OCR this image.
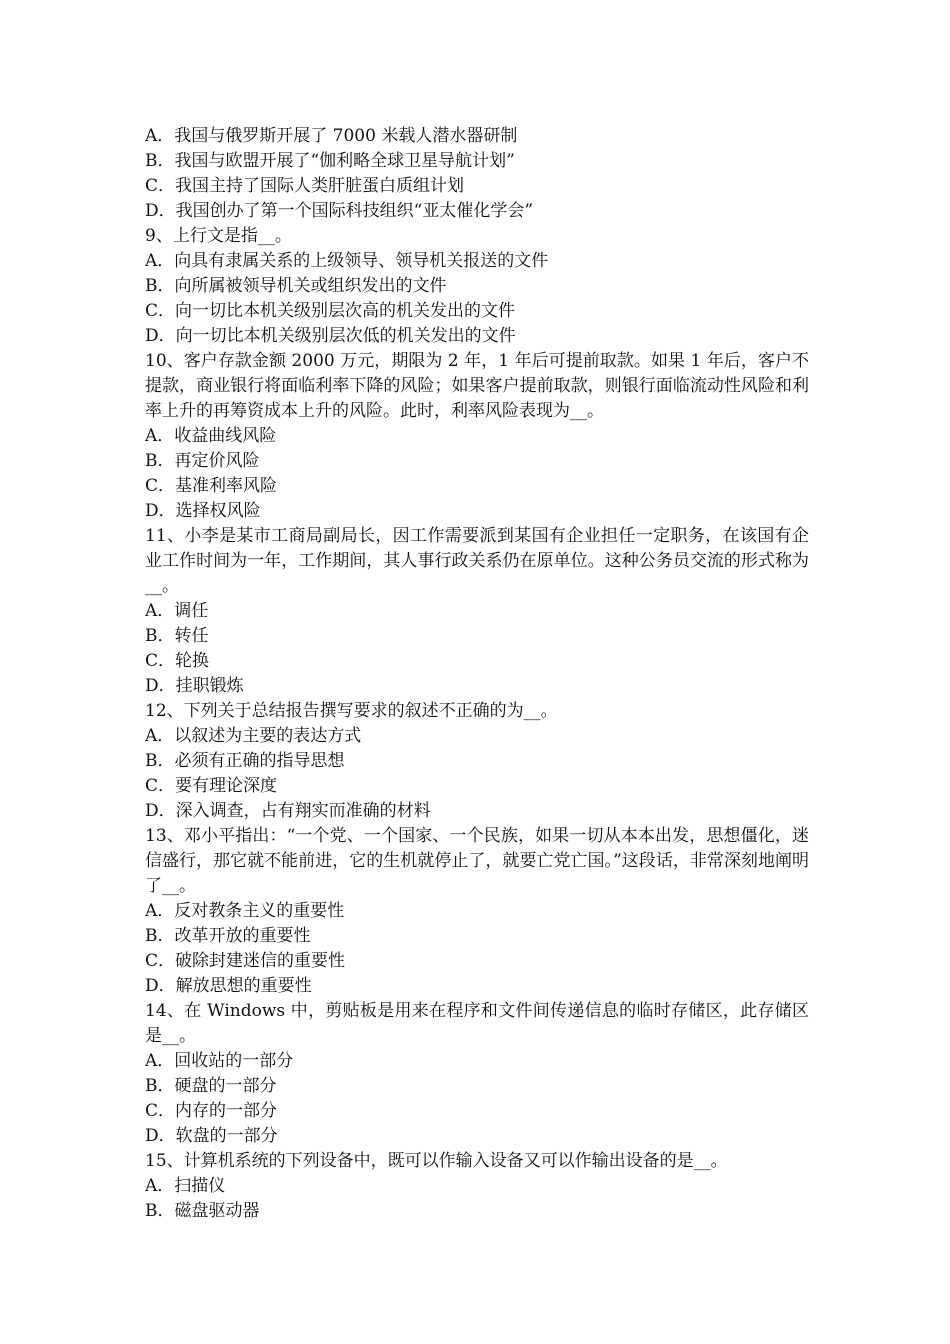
A．我国与俄罗斯开展了 7000 米载人潜水器研制
B．我国与欧盟开展了“伽利略全球卫星导航计划”
C．我国主持了国际人类肝脏蛋白质组计划
D．我国创办了第一个国际科技组织“亚太催化学会”
9、上行文是指__。
A．向具有隶属关系的上级领导、领导机关报送的文件
B．向所属被领导机关或组织发出的文件
C．向一切比本机关级别层次高的机关发出的文件
D．向一切比本机关级别层次低的机关发出的文件
10、客户存款金额 2000 万元，期限为 2 年，1 年后可提前取款。如果 1 年后，客户不提款，商业银行将面临利率下降的风险；如果客户提前取款，则银行面临流动性风险和利率上升的再筹资成本上升的风险。此时，利率风险表现为__。
A．收益曲线风险
B．再定价风险
C．基准利率风险
D．选择权风险
11、小李是某市工商局副局长，因工作需要派到某国有企业担任一定职务，在该国有企业工作时间为一年，工作期间，其人事行政关系仍在原单位。这种公务员交流的形式称为__。
A．调任
B．转任
C．轮换
D．挂职锻炼
12、下列关于总结报告撰写要求的叙述不正确的为__。
A．以叙述为主要的表达方式
B．必须有正确的指导思想
C．要有理论深度
D．深入调查，占有翔实而准确的材料
13、邓小平指出：“一个党、一个国家、一个民族，如果一切从本本出发，思想僵化，迷信盛行，那它就不能前进，它的生机就停止了，就要亡党亡国。”这段话，非常深刻地阐明了__。
A．反对教条主义的重要性
B．改革开放的重要性
C．破除封建迷信的重要性
D．解放思想的重要性
14、在 Windows 中，剪贴板是用来在程序和文件间传递信息的临时存储区，此存储区是__。
A．回收站的一部分
B．硬盘的一部分
C．内存的一部分
D．软盘的一部分
15、计算机系统的下列设备中，既可以作输入设备又可以作输出设备的是__。
A．扫描仪
B．磁盘驱动器
